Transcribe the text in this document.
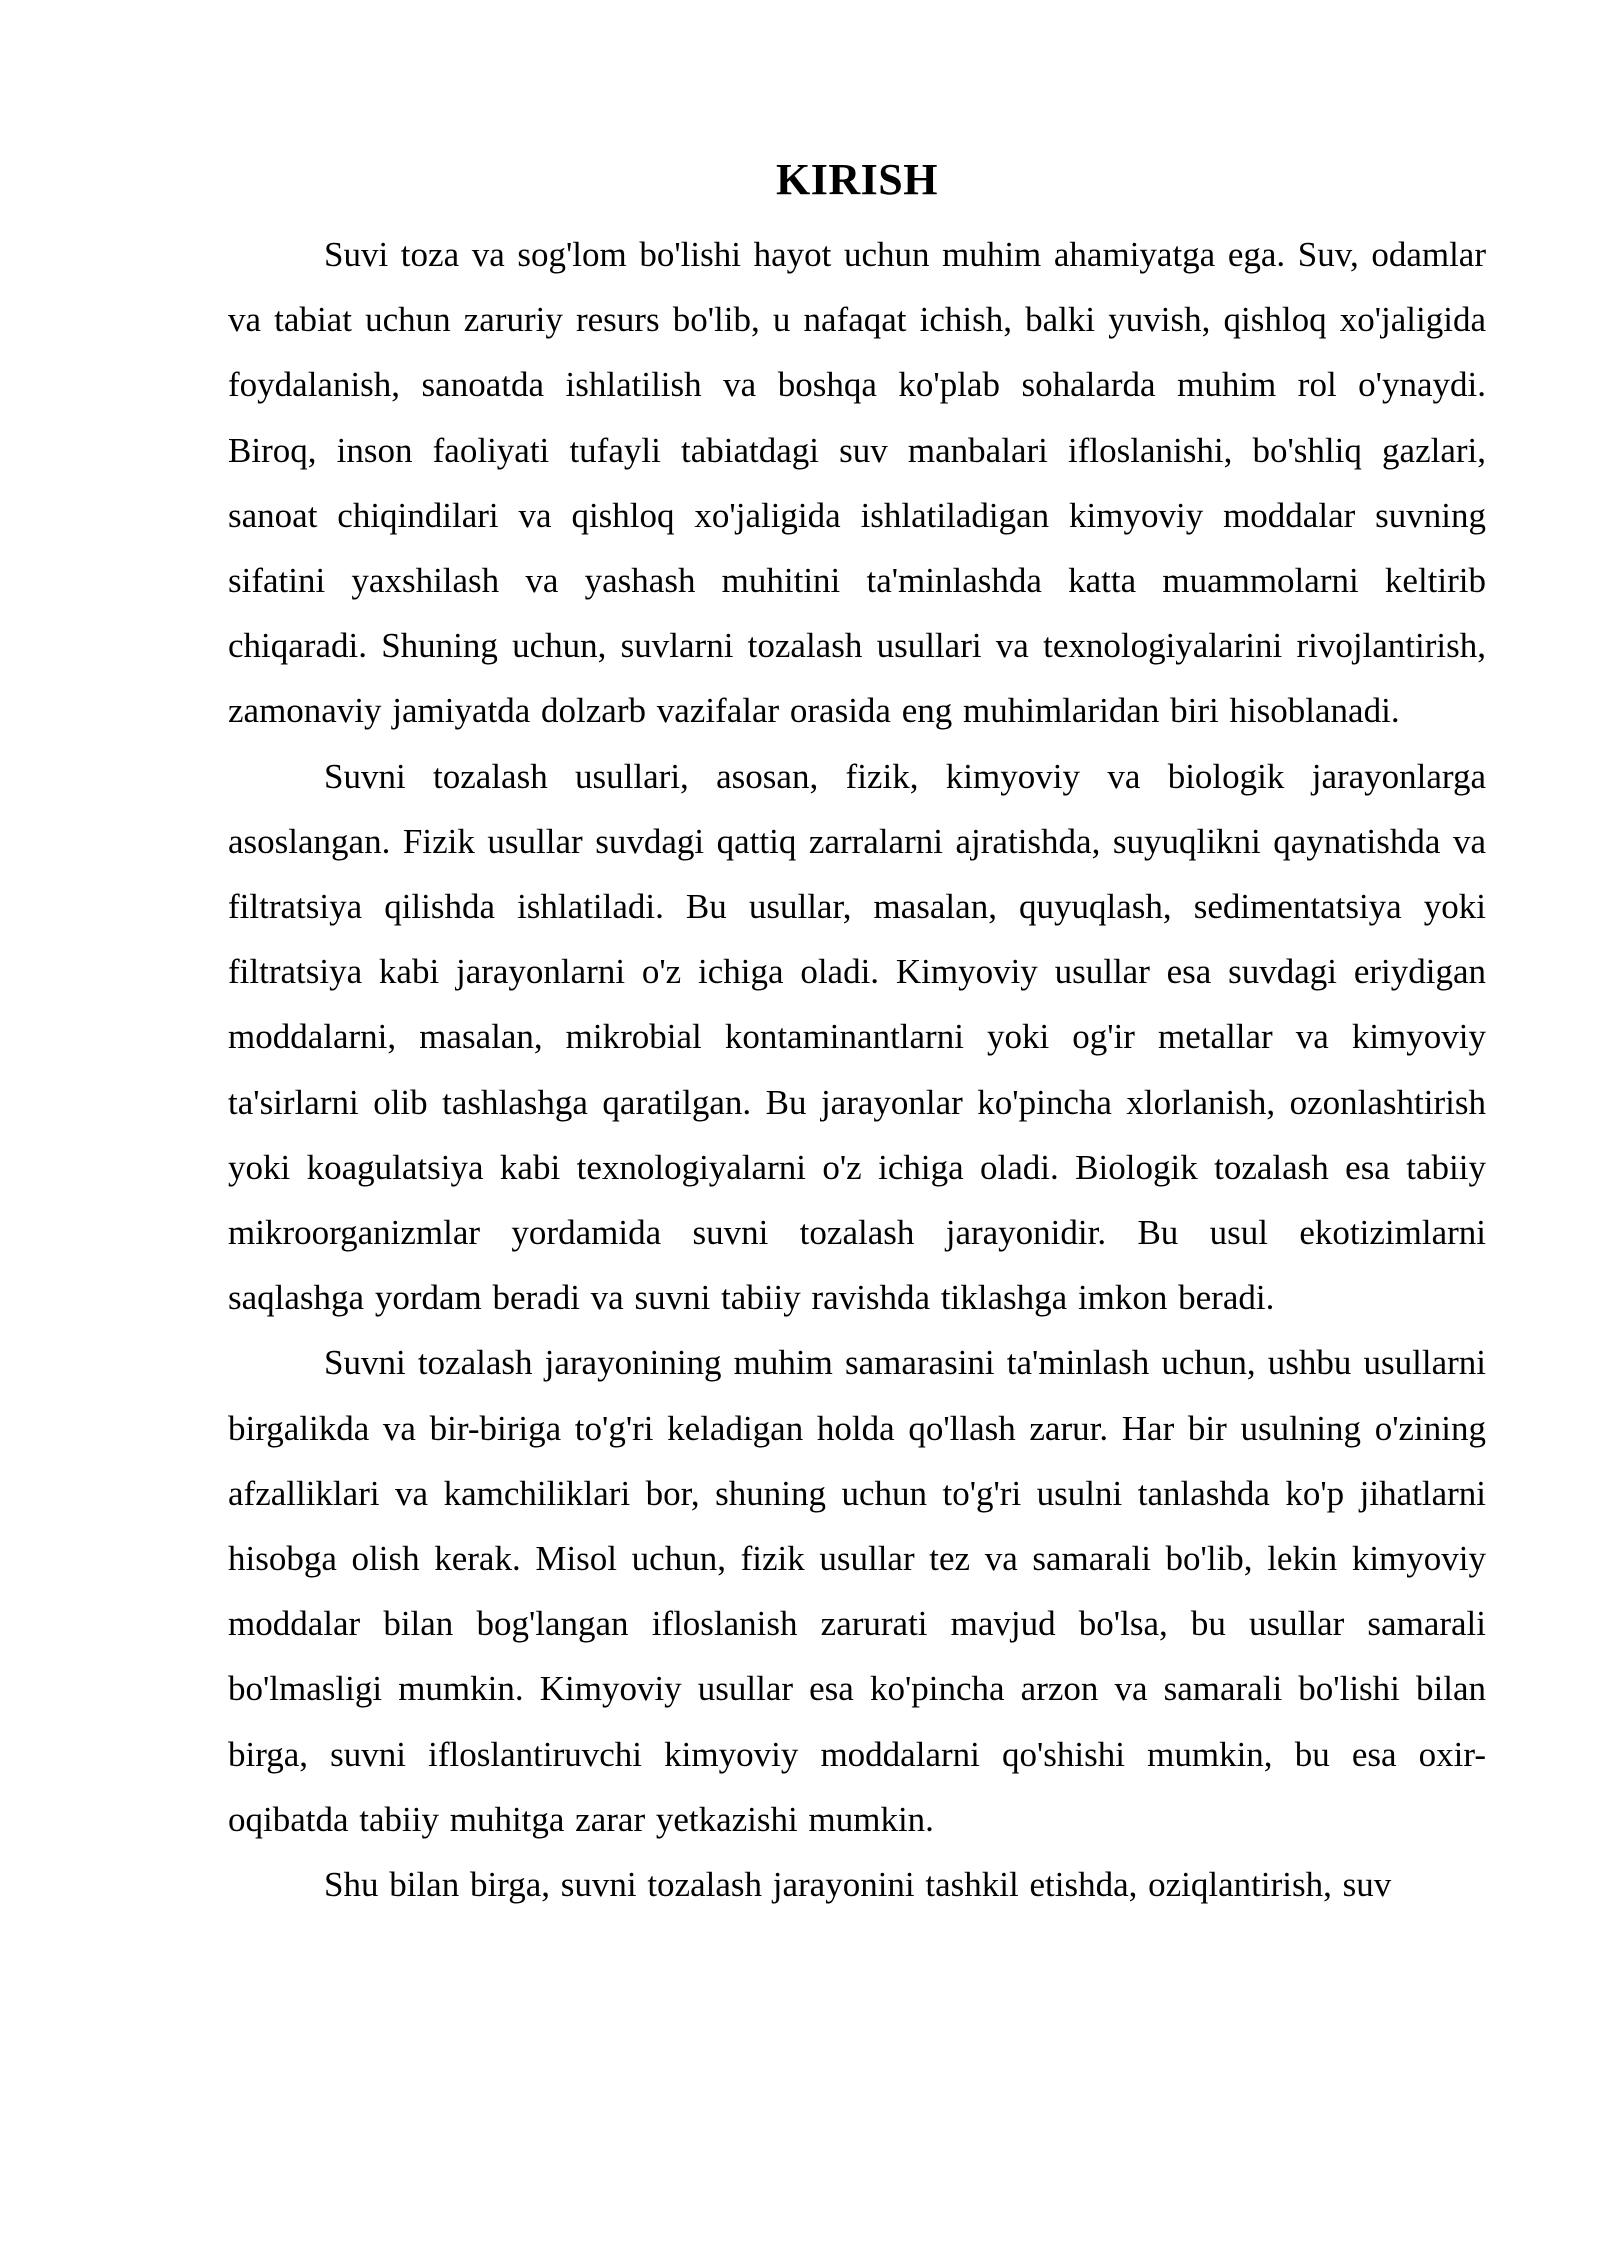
KIRISH

Suvi toza va sog'lom bo'lishi hayot uchun muhim ahamiyatga ega. Suv, odamlar va tabiat uchun zaruriy resurs bo'lib, u nafaqat ichish, balki yuvish, qishloq xo'jaligida foydalanish, sanoatda ishlatilish va boshqa ko'plab sohalarda muhim rol o'ynaydi. Biroq, inson faoliyati tufayli tabiatdagi suv manbalari ifloslanishi, bo'shliq gazlari, sanoat chiqindilari va qishloq xo'jaligida ishlatiladigan kimyoviy moddalar suvning sifatini yaxshilash va yashash muhitini ta'minlashda katta muammolarni keltirib chiqaradi. Shuning uchun, suvlarni tozalash usullari va texnologiyalarini rivojlantirish, zamonaviy jamiyatda dolzarb vazifalar orasida eng muhimlaridan biri hisoblanadi.

Suvni tozalash usullari, asosan, fizik, kimyoviy va biologik jarayonlarga asoslangan. Fizik usullar suvdagi qattiq zarralarni ajratishda, suyuqlikni qaynatishda va filtratsiya qilishda ishlatiladi. Bu usullar, masalan, quyuqlash, sedimentatsiya yoki filtratsiya kabi jarayonlarni o'z ichiga oladi. Kimyoviy usullar esa suvdagi eriydigan moddalarni, masalan, mikrobial kontaminantlarni yoki og'ir metallar va kimyoviy ta'sirlarni olib tashlashga qaratilgan. Bu jarayonlar ko'pincha xlorlanish, ozonlashtirish yoki koagulatsiya kabi texnologiyalarni o'z ichiga oladi. Biologik tozalash esa tabiiy mikroorganizmlar yordamida suvni tozalash jarayonidir. Bu usul ekotizimlarni saqlashga yordam beradi va suvni tabiiy ravishda tiklashga imkon beradi.

Suvni tozalash jarayonining muhim samarasini ta'minlash uchun, ushbu usullarni birgalikda va bir-biriga to'g'ri keladigan holda qo'llash zarur. Har bir usulning o'zining afzalliklari va kamchiliklari bor, shuning uchun to'g'ri usulni tanlashda ko'p jihatlarni hisobga olish kerak. Misol uchun, fizik usullar tez va samarali bo'lib, lekin kimyoviy moddalar bilan bog'langan ifloslanish zarurati mavjud bo'lsa, bu usullar samarali bo'lmasligi mumkin. Kimyoviy usullar esa ko'pincha arzon va samarali bo'lishi bilan birga, suvni ifloslantiruvchi kimyoviy moddalarni qo'shishi mumkin, bu esa oxir-oqibatda tabiiy muhitga zarar yetkazishi mumkin.

Shu bilan birga, suvni tozalash jarayonini tashkil etishda, oziqlantirish, suv
